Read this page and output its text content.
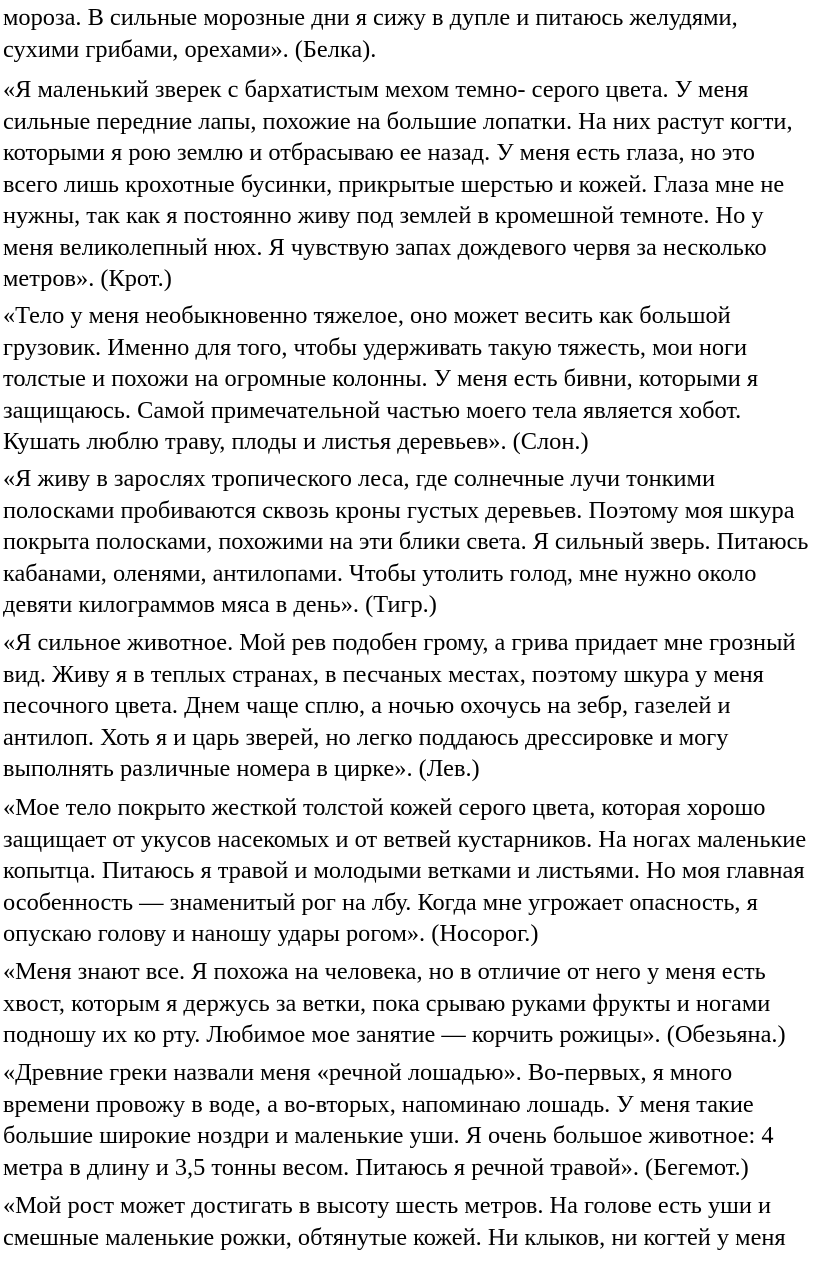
мороза. В сильные морозные дни я сижу в дупле и питаюсь желудями,
сухими грибами, орехами». (Белка).

«Я маленький зверек с бархатистым мехом темно- серого цвета. У меня
сильные передние лапы, похожие на большие лопатки. На них растут когти,
которыми я рою землю и отбрасываю ее назад. У меня есть глаза, но это
всего лишь крохотные бусинки, прикрытые шерстью и кожей. Глаза мне не
нужны, так как я постоянно живу под землей в кромешной темноте. Но у
меня великолепный нюх. Я чувствую запах дождевого червя за несколько
метров». (Крот.)

«Тело у меня необыкновенно тяжелое, оно может весить как большой
грузовик. Именно для того, чтобы удерживать такую тяжесть, мои ноги
толстые и похожи на огромные колонны. У меня есть бивни, которыми я
защищаюсь. Самой примечательной частью моего тела является хобот.
Кушать люблю траву, плоды и листья деревьев». (Слон.)

«Я живу в зарослях тропического леса, где солнечные лучи тонкими
полосками пробиваются сквозь кроны густых деревьев. Поэтому моя шкура
покрыта полосками, похожими на эти блики света. Я сильный зверь. Питаюсь
кабанами, оленями, антилопами. Чтобы утолить голод, мне нужно около
девяти килограммов мяса в день». (Тигр.)

«Я сильное животное. Мой рев подобен грому, а грива придает мне грозный
вид. Живу я в теплых странах, в песчаных местах, поэтому шкура у меня
песочного цвета. Днем чаще сплю, а ночью охочусь на зебр, газелей и
антилоп. Хоть я и царь зверей, но легко поддаюсь дрессировке и могу
выполнять различные номера в цирке». (Лев.)

«Мое тело покрыто жесткой толстой кожей серого цвета, которая хорошо
защищает от укусов насекомых и от ветвей кустарников. На ногах маленькие
копытца. Питаюсь я травой и молодыми ветками и листьями. Но моя главная
особенность — знаменитый рог на лбу. Когда мне угрожает опасность, я
опускаю голову и наношу удары рогом». (Носорог.)

«Меня знают все. Я похожа на человека, но в отличие от него у меня есть
хвост, которым я держусь за ветки, пока срываю руками фрукты и ногами
подношу их ко рту. Любимое мое занятие — корчить рожицы». (Обезьяна.)

«Древние греки назвали меня «речной лошадью». Во-первых, я много
времени провожу в воде, а во-вторых, напоминаю лошадь. У меня такие
большие широкие ноздри и маленькие уши. Я очень большое животное: 4
метра в длину и 3,5 тонны весом. Питаюсь я речной травой». (Бегемот.)

«Мой рост может достигать в высоту шесть метров. На голове есть уши и
смешные маленькие рожки, обтянутые кожей. Ни клыков, ни когтей у меня
